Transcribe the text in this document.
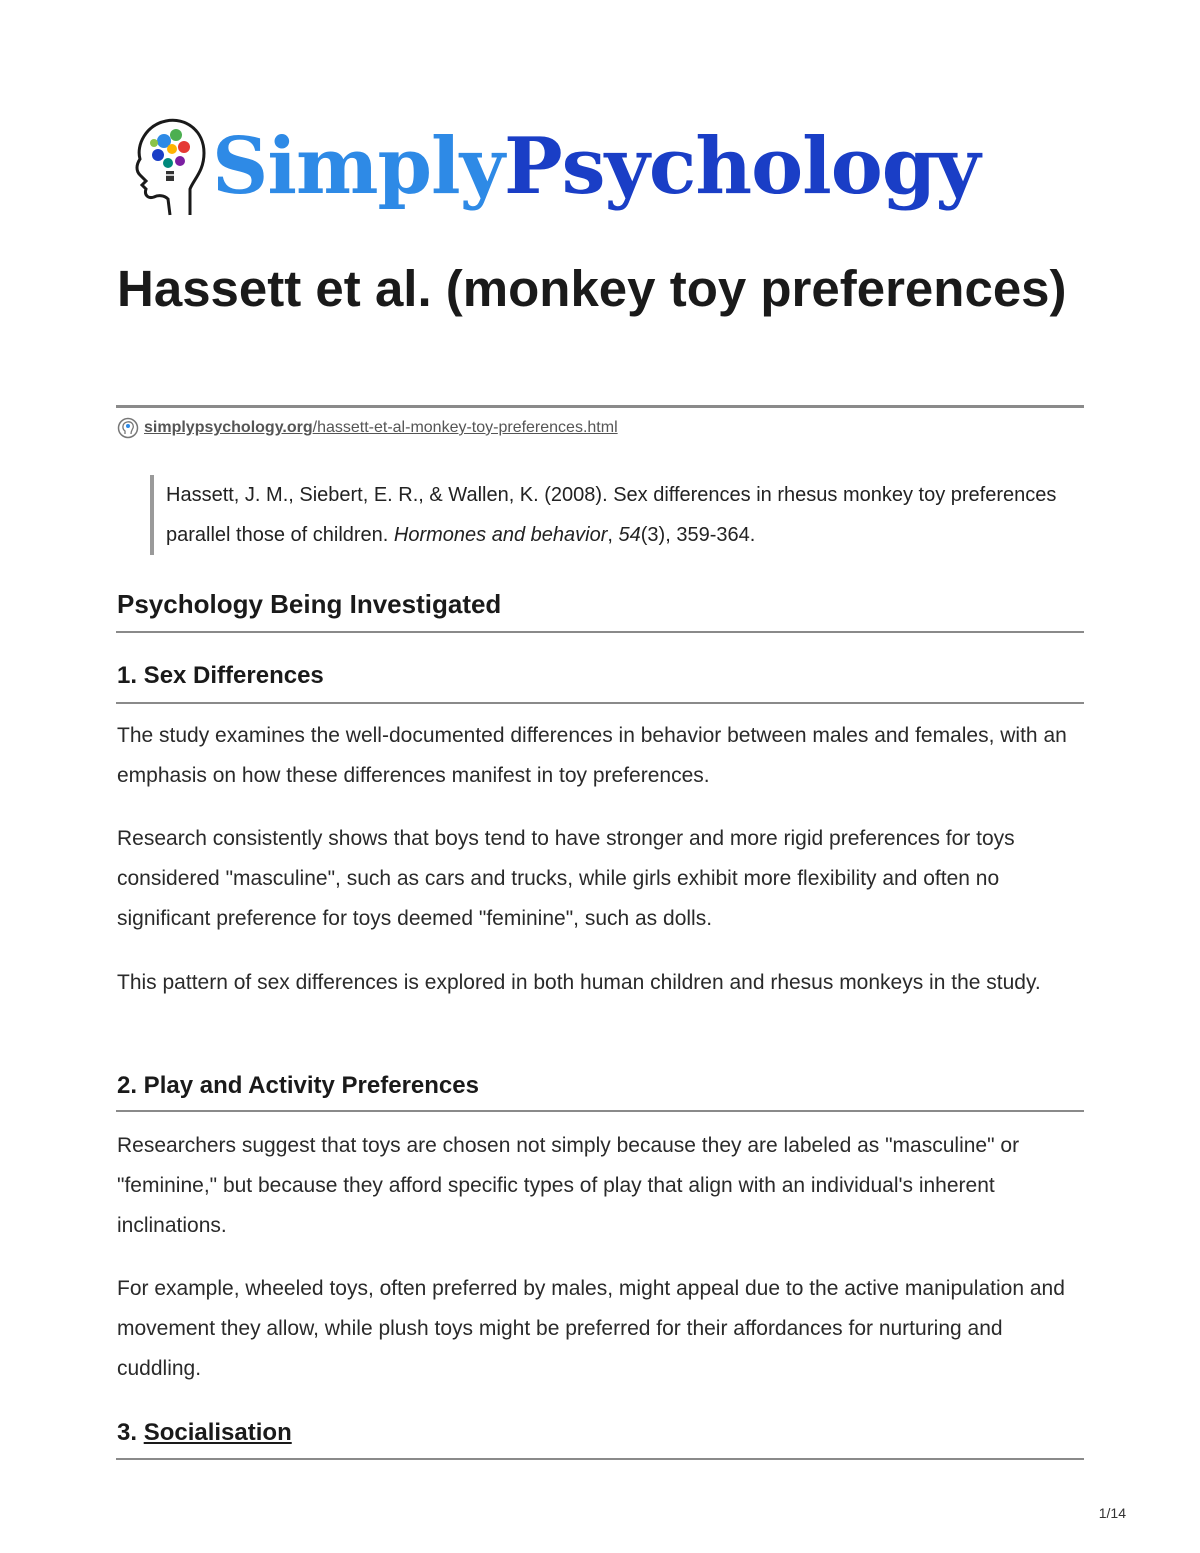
SimplyPsychology
Hassett et al. (monkey toy preferences)
simplypsychology.org/hassett-et-al-monkey-toy-preferences.html

Hassett, J. M., Siebert, E. R., & Wallen, K. (2008). Sex differences in rhesus monkey toy preferences parallel those of children. Hormones and behavior, 54(3), 359-364.

Psychology Being Investigated
1. Sex Differences

The study examines the well-documented differences in behavior between males and females, with an emphasis on how these differences manifest in toy preferences.

Research consistently shows that boys tend to have stronger and more rigid preferences for toys considered "masculine", such as cars and trucks, while girls exhibit more flexibility and often no significant preference for toys deemed "feminine", such as dolls.

This pattern of sex differences is explored in both human children and rhesus monkeys in the study.

2. Play and Activity Preferences

Researchers suggest that toys are chosen not simply because they are labeled as "masculine" or "feminine," but because they afford specific types of play that align with an individual's inherent inclinations.

For example, wheeled toys, often preferred by males, might appeal due to the active manipulation and movement they allow, while plush toys might be preferred for their affordances for nurturing and cuddling.

3. Socialisation
1/14
